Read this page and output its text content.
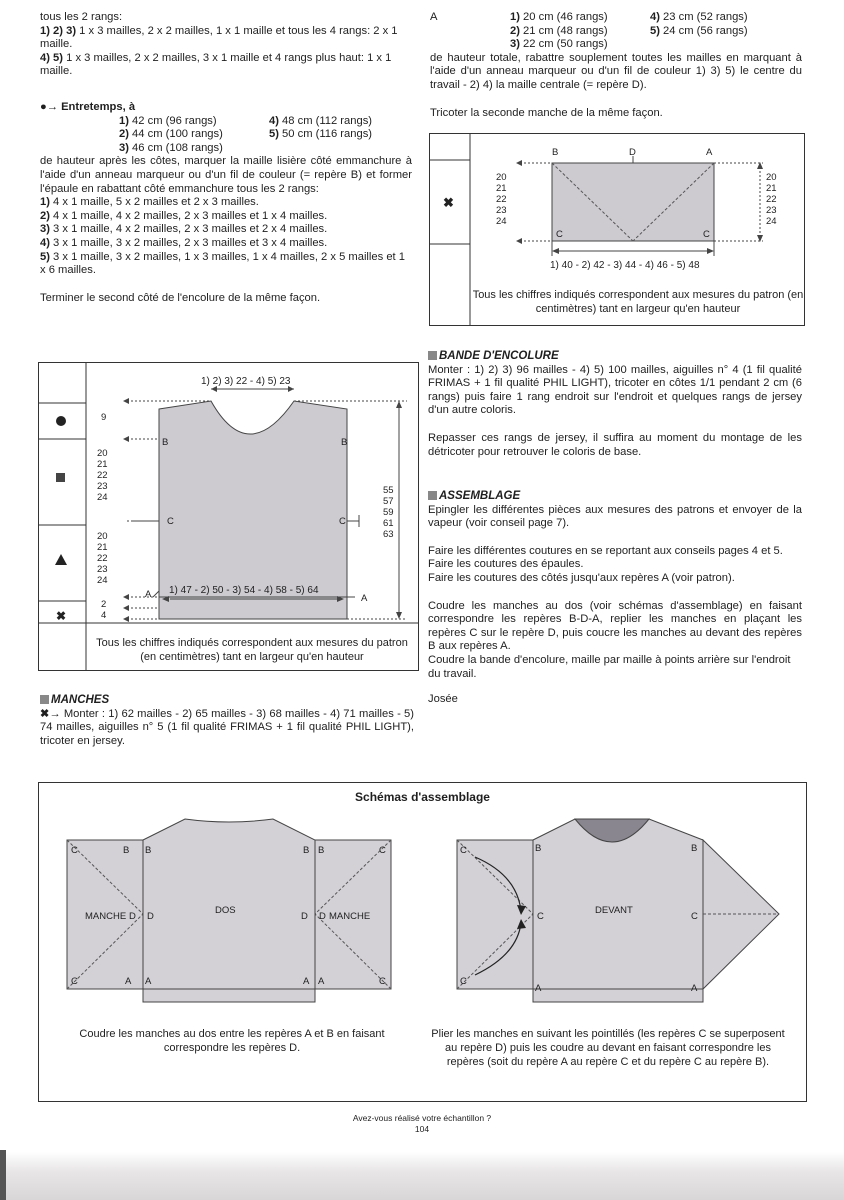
tous les 2 rangs:

1) 2) 3) 1 x 3 mailles, 2 x 2 mailles, 1 x 1 maille et tous les 4 rangs: 2 x 1 maille.

4) 5) 1 x 3 mailles, 2 x 2 mailles, 3 x 1 maille et 4 rangs plus haut: 1 x 1 maille.

●→ Entretemps, à

1) 42 cm (96 rangs)	4) 48 cm (112 rangs)

2) 44 cm (100 rangs)	5) 50 cm (116 rangs)

3) 46 cm (108 rangs)

de hauteur après les côtes, marquer la maille lisière côté emmanchure à l'aide d'un anneau marqueur ou d'un fil de couleur (= repère B) et former l'épaule en rabattant côté emmanchure tous les 2 rangs:

1) 4 x 1 maille, 5 x 2 mailles et 2 x 3 mailles.

2) 4 x 1 maille, 4 x 2 mailles, 2 x 3 mailles et 1 x 4 mailles.

3) 3 x 1 maille, 4 x 2 mailles, 2 x 3 mailles et 2 x 4 mailles.

4) 3 x 1 maille, 3 x 2 mailles, 2 x 3 mailles et 3 x 4 mailles.

5) 3 x 1 maille, 3 x 2 mailles, 1 x 3 mailles, 1 x 4 mailles, 2 x 5 mailles et 1 x 6 mailles.

Terminer le second côté de l'encolure de la même façon.

✖
1) 2) 3) 22 - 4) 5) 23
9
20
21
22
23
24
20
21
22
23
24
2
4
55
57
59
61
63
B	B
C	C
A	A
1) 47 - 2) 50 - 3) 54 - 4) 58 - 5) 64
Tous les chiffres indiqués correspondent aux mesures du patron (en centimètres) tant en largeur qu'en hauteur

MANCHES

✖→ Monter : 1) 62 mailles - 2) 65 mailles - 3) 68 mailles - 4) 71 mailles - 5) 74 mailles, aiguilles n° 5 (1 fil qualité FRIMAS + 1 fil qualité PHIL LIGHT), tricoter en jersey.

A	1) 20 cm (46 rangs)	4) 23 cm (52 rangs)

2) 21 cm (48 rangs)	5) 24 cm (56 rangs)

3) 22 cm (50 rangs)

de hauteur totale, rabattre souplement toutes les mailles en marquant à l'aide d'un anneau marqueur ou d'un fil de couleur 1) 3) 5) le centre du travail - 2) 4) la maille centrale (= repère D).

Tricoter la seconde manche de la même façon.

✖
B	D	A
C	C
20
21
22
23
24
20
21
22
23
24
1) 40 - 2) 42 - 3) 44 - 4) 46 - 5) 48
Tous les chiffres indiqués correspondent aux mesures du patron (en centimètres) tant en largeur qu'en hauteur

BANDE D'ENCOLURE

Monter : 1) 2) 3) 96 mailles - 4) 5) 100 mailles, aiguilles n° 4 (1 fil qualité FRIMAS + 1 fil qualité PHIL LIGHT), tricoter en côtes 1/1 pendant 2 cm (6 rangs) puis faire 1 rang endroit sur l'endroit et quelques rangs de jersey d'un autre coloris.

Repasser ces rangs de jersey, il suffira au moment du montage de les détricoter pour retrouver le coloris de base.

ASSEMBLAGE

Epingler les différentes pièces aux mesures des patrons et envoyer de la vapeur (voir conseil page 7).

Faire les différentes coutures en se reportant aux conseils pages 4 et 5.

Faire les coutures des épaules.

Faire les coutures des côtés jusqu'aux repères A (voir patron).

Coudre les manches au dos (voir schémas d'assemblage) en faisant correspondre les repères B-D-A, replier les manches en plaçant les repères C sur le repère D, puis coucre les manches au devant des repères B aux repères A.

Coudre la bande d'encolure, maille par maille à points arrière sur l'endroit du travail.

Josée

Schémas d'assemblage
C	B B	B B	C
MANCHE D D
DOS
D D MANCHE
C	A A	A A	C
C	B	B
C
DEVANT
C
C
A	A
Coudre les manches au dos entre les repères A et B en faisant correspondre les repères D.
Plier les manches en suivant les pointillés (les repères C se superposent au repère D) puis les coudre au devant en faisant correspondre les repères (soit du repère A au repère C et du repère C au repère B).
Avez-vous réalisé votre échantillon ?
104
